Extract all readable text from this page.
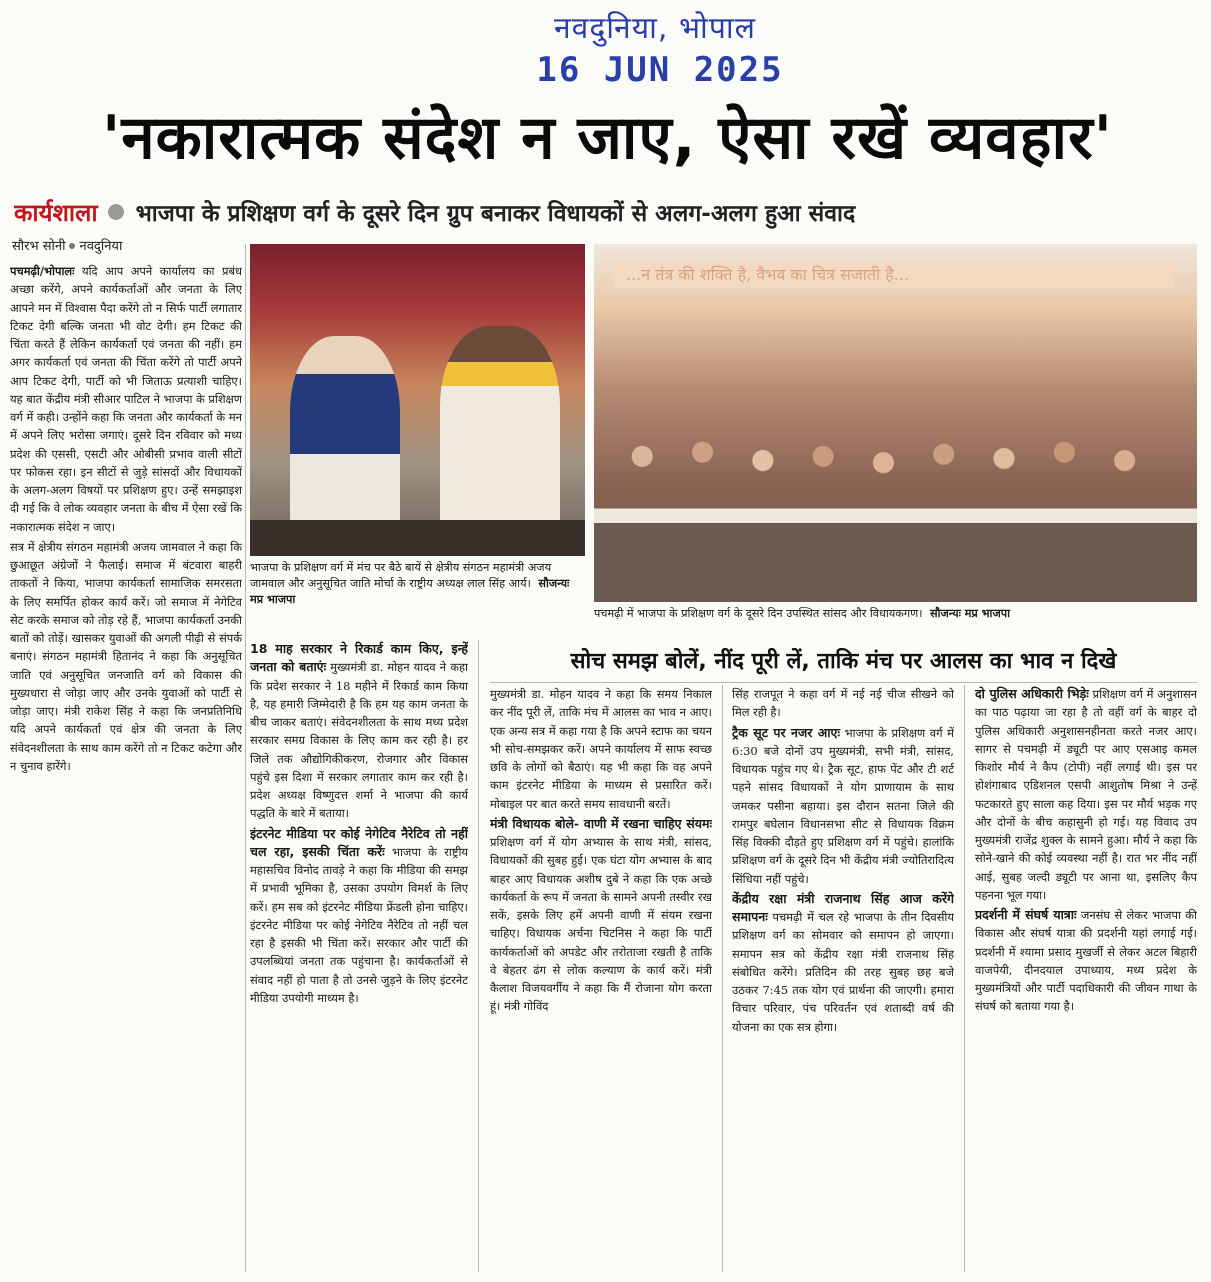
नवदुनिया, भोपाल
16 JUN 2025
'नकारात्मक संदेश न जाए, ऐसा रखें व्यवहार'
कार्यशाला भाजपा के प्रशिक्षण वर्ग के दूसरे दिन ग्रुप बनाकर विधायकों से अलग-अलग हुआ संवाद
सौरभ सोनी नवदुनिया

पचमढ़ी/भोपालः यदि आप अपने कार्यालय का प्रबंध अच्छा करेंगे, अपने कार्यकर्ताओं और जनता के लिए आपने मन में विश्वास पैदा करेंगे तो न सिर्फ पार्टी लगातार टिकट देगी बल्कि जनता भी वोट देगी। हम टिकट की चिंता करते हैं लेकिन कार्यकर्ता एवं जनता की नहीं। हम अगर कार्यकर्ता एवं जनता की चिंता करेंगे तो पार्टी अपने आप टिकट देगी, पार्टी को भी जिताऊ प्रत्याशी चाहिए। यह बात केंद्रीय मंत्री सीआर पाटिल ने भाजपा के प्रशिक्षण वर्ग में कही। उन्होंने कहा कि जनता और कार्यकर्ता के मन में अपने लिए भरोसा जगाएं। दूसरे दिन रविवार को मध्य प्रदेश की एससी, एसटी और ओबीसी प्रभाव वाली सीटों पर फोकस रहा। इन सीटों से जुड़े सांसदों और विधायकों के अलग-अलग विषयों पर प्रशिक्षण हुए। उन्हें समझाइश दी गई कि वे लोक व्यवहार जनता के बीच में ऐसा रखें कि नकारात्मक संदेश न जाए।

सत्र में क्षेत्रीय संगठन महामंत्री अजय जामवाल ने कहा कि छुआछूत अंग्रेजों ने फैलाई। समाज में बंटवारा बाहरी ताकतों ने किया, भाजपा कार्यकर्ता सामाजिक समरसता के लिए समर्पित होकर कार्य करें। जो समाज में नेगेटिव सेट करके समाज को तोड़ रहे हैं, भाजपा कार्यकर्ता उनकी बातों को तोड़ें। खासकर युवाओं की अगली पीढ़ी से संपर्क बनाएं। संगठन महामंत्री हितानंद ने कहा कि अनुसूचित जाति एवं अनुसूचित जनजाति वर्ग को विकास की मुख्यधारा से जोड़ा जाए और उनके युवाओं को पार्टी से जोड़ा जाए। मंत्री राकेश सिंह ने कहा कि जनप्रतिनिधि यदि अपने कार्यकर्ता एवं क्षेत्र की जनता के लिए संवेदनशीलता के साथ काम करेंगे तो न टिकट कटेगा और न चुनाव हारेंगे।

भाजपा के प्रशिक्षण वर्ग में मंच पर बैठे बायें से क्षेत्रीय संगठन महामंत्री अजय जामवाल और अनुसूचित जाति मोर्चा के राष्ट्रीय अध्यक्ष लाल सिंह आर्य। सौजन्यः मप्र भाजपा
...न तंत्र की शक्ति है, वैभव का चित्र सजाती है...
पचमढ़ी में भाजपा के प्रशिक्षण वर्ग के दूसरे दिन उपस्थित सांसद और विधायकगण। सौजन्यः मप्र भाजपा
सोच समझ बोलें, नींद पूरी लें, ताकि मंच पर आलस का भाव न दिखे

18 माह सरकार ने रिकार्ड काम किए, इन्हें जनता को बताएंः मुख्यमंत्री डा. मोहन यादव ने कहा कि प्रदेश सरकार ने 18 महीने में रिकार्ड काम किया है, यह हमारी जिम्मेदारी है कि हम यह काम जनता के बीच जाकर बताएं। संवेदनशीलता के साथ मध्य प्रदेश सरकार समग्र विकास के लिए काम कर रही है। हर जिले तक औद्योगिकीकरण, रोजगार और विकास पहुंचे इस दिशा में सरकार लगातार काम कर रही है। प्रदेश अध्यक्ष विष्णुदत्त शर्मा ने भाजपा की कार्य पद्धति के बारे में बताया।

इंटरनेट मीडिया पर कोई नेगेटिव नैरेटिव तो नहीं चल रहा, इसकी चिंता करेंः भाजपा के राष्ट्रीय महासचिव विनोद तावड़े ने कहा कि मीडिया की समझ में प्रभावी भूमिका है, उसका उपयोग विमर्श के लिए करें। हम सब को इंटरनेट मीडिया फ्रेंडली होना चाहिए। इंटरनेट मीडिया पर कोई नेगेटिव नैरेटिव तो नहीं चल रहा है इसकी भी चिंता करें। सरकार और पार्टी की उपलब्धियां जनता तक पहुंचाना है। कार्यकर्ताओं से संवाद नहीं हो पाता है तो उनसे जुड़ने के लिए इंटरनेट मीडिया उपयोगी माध्यम है।

मुख्यमंत्री डा. मोहन यादव ने कहा कि समय निकाल कर नींद पूरी लें, ताकि मंच में आलस का भाव न आए। एक अन्य सत्र में कहा गया है कि अपने स्टाफ का चयन भी सोच-समझकर करें। अपने कार्यालय में साफ स्वच्छ छवि के लोगों को बैठाएं। यह भी कहा कि वह अपने काम इंटरनेट मीडिया के माध्यम से प्रसारित करें। मोबाइल पर बात करते समय सावधानी बरतें।

मंत्री विधायक बोले- वाणी में रखना चाहिए संयमः प्रशिक्षण वर्ग में योग अभ्यास के साथ मंत्री, सांसद, विधायकों की सुबह हुई। एक घंटा योग अभ्यास के बाद बाहर आए विधायक अशीष दुबे ने कहा कि एक अच्छे कार्यकर्ता के रूप में जनता के सामने अपनी तस्वीर रख सकें, इसके लिए हमें अपनी वाणी में संयम रखना चाहिए। विधायक अर्चना चिटनिस ने कहा कि पार्टी कार्यकर्ताओं को अपडेट और तरोताजा रखती है ताकि वे बेहतर ढंग से लोक कल्याण के कार्य करें। मंत्री कैलाश विजयवर्गीय ने कहा कि मैं रोजाना योग करता हूं। मंत्री गोविंद

सिंह राजपूत ने कहा वर्ग में नई नई चीज सीखने को मिल रही है।

ट्रैक सूट पर नजर आएः भाजपा के प्रशिक्षण वर्ग में 6:30 बजे दोनों उप मुख्यमंत्री, सभी मंत्री, सांसद, विधायक पहुंच गए थे। ट्रैक सूट, हाफ पेंट और टी शर्ट पहने सांसद विधायकों ने योग प्राणायाम के साथ जमकर पसीना बहाया। इस दौरान सतना जिले की रामपुर बघेलान विधानसभा सीट से विधायक विक्रम सिंह विक्की दौड़ते हुए प्रशिक्षण वर्ग में पहुंचे। हालांकि प्रशिक्षण वर्ग के दूसरे दिन भी केंद्रीय मंत्री ज्योतिरादित्य सिंधिया नहीं पहुंचे।

केंद्रीय रक्षा मंत्री राजनाथ सिंह आज करेंगे समापनः पचमढ़ी में चल रहे भाजपा के तीन दिवसीय प्रशिक्षण वर्ग का सोमवार को समापन हो जाएगा। समापन सत्र को केंद्रीय रक्षा मंत्री राजनाथ सिंह संबोधित करेंगे। प्रतिदिन की तरह सुबह छह बजे उठकर 7:45 तक योग एवं प्रार्थना की जाएगी। हमारा विचार परिवार, पंच परिवर्तन एवं शताब्दी वर्ष की योजना का एक सत्र होगा।

दो पुलिस अधिकारी भिड़ेः प्रशिक्षण वर्ग में अनुशासन का पाठ पढ़ाया जा रहा है तो वहीं वर्ग के बाहर दो पुलिस अधिकारी अनुशासनहीनता करते नजर आए। सागर से पचमढ़ी में ड्यूटी पर आए एसआइ कमल किशोर मौर्य ने कैप (टोपी) नहीं लगाई थी। इस पर होशंगाबाद एडिशनल एसपी आशुतोष मिश्रा ने उन्हें फटकारते हुए साला कह दिया। इस पर मौर्य भड़क गए और दोनों के बीच कहासुनी हो गई। यह विवाद उप मुख्यमंत्री राजेंद्र शुक्ल के सामने हुआ। मौर्य ने कहा कि सोने-खाने की कोई व्यवस्था नहीं है। रात भर नींद नहीं आई, सुबह जल्दी ड्यूटी पर आना था, इसलिए कैप पहनना भूल गया।

प्रदर्शनी में संघर्ष यात्राः जनसंघ से लेकर भाजपा की विकास और संघर्ष यात्रा की प्रदर्शनी यहां लगाई गई। प्रदर्शनी में श्यामा प्रसाद मुखर्जी से लेकर अटल बिहारी वाजपेयी, दीनदयाल उपाध्याय, मध्य प्रदेश के मुख्यमंत्रियों और पार्टी पदाधिकारी की जीवन गाथा के संघर्ष को बताया गया है।
